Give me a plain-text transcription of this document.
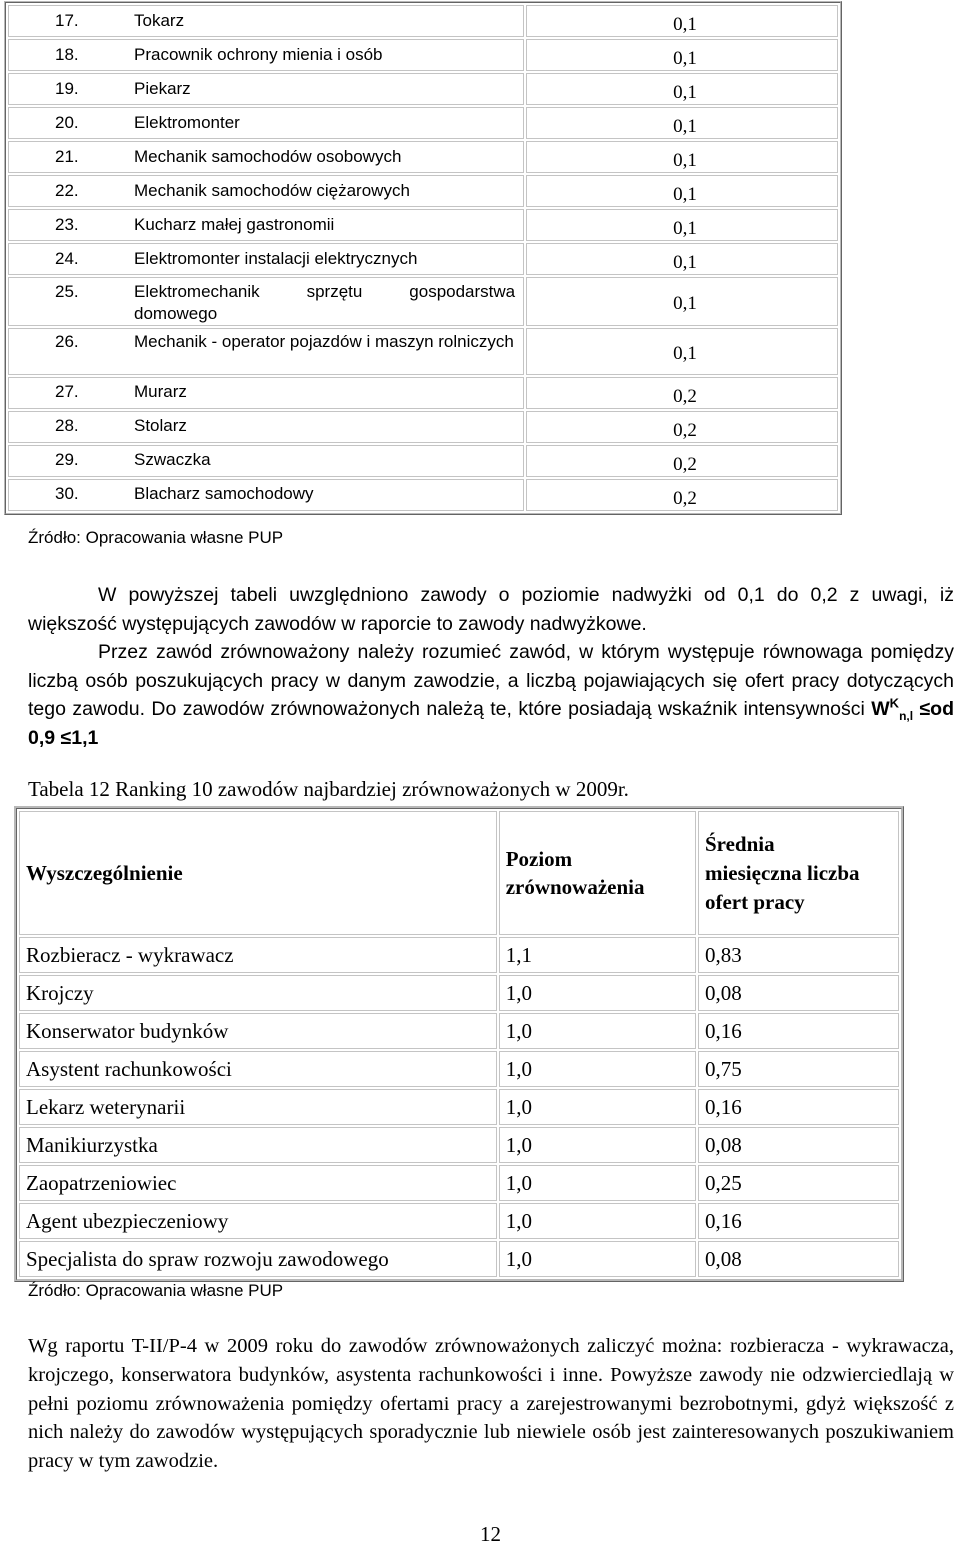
17. Tokarz	0,1

18. Pracownik ochrony mienia i osób	0,1

19. Piekarz	0,1

20. Elektromonter	0,1

21. Mechanik samochodów osobowych	0,1

22. Mechanik samochodów ciężarowych	0,1

23. Kucharz małej gastronomii	0,1

24. Elektromonter instalacji elektrycznych	0,1

25. Elektromechanik sprzętu gospodarstwa domowego	0,1

26. Mechanik - operator pojazdów i maszyn rolniczych	0,1

27. Murarz	0,2

28. Stolarz	0,2

29. Szwaczka	0,2

30. Blacharz samochodowy	0,2
Źródło: Opracowania własne PUP
W powyższej tabeli uwzględniono zawody o poziomie nadwyżki od 0,1 do 0,2 z uwagi, iż większość występujących zawodów w raporcie to zawody nadwyżkowe.
Przez zawód zrównoważony należy rozumieć zawód, w którym występuje równowaga pomiędzy liczbą osób poszukujących pracy w danym zawodzie, a liczbą pojawiających się ofert pracy dotyczących tego zawodu. Do zawodów zrównoważonych należą te, które posiadają wskaźnik intensywności $W^K_{n,l} \le od$ 0,9 ≤1,1
Tabela 12 Ranking 10 zawodów najbardziej zrównoważonych w 2009r.
Wyszczególnienie	Poziom zrównoważenia	Średnia miesięczna liczba ofert pracy
Rozbieracz - wykrawacz	1,1	0,83
Krojczy	1,0	0,08
Konserwator budynków	1,0	0,16
Asystent rachunkowości	1,0	0,75
Lekarz weterynarii	1,0	0,16
Manikiurzystka	1,0	0,08
Zaopatrzeniowiec	1,0	0,25
Agent ubezpieczeniowy	1,0	0,16
Specjalista do spraw rozwoju zawodowego	1,0	0,08
Źródło: Opracowania własne PUP
Wg raportu T-II/P-4 w 2009 roku do zawodów zrównoważonych zaliczyć można: rozbieracza - wykrawacza, krojczego, konserwatora budynków, asystenta rachunkowości i inne. Powyższe zawody nie odzwierciedlają w pełni poziomu zrównoważenia pomiędzy ofertami pracy a zarejestrowanymi bezrobotnymi, gdyż większość z nich należy do zawodów występujących sporadycznie lub niewiele osób jest zainteresowanych poszukiwaniem pracy w tym zawodzie.
12
